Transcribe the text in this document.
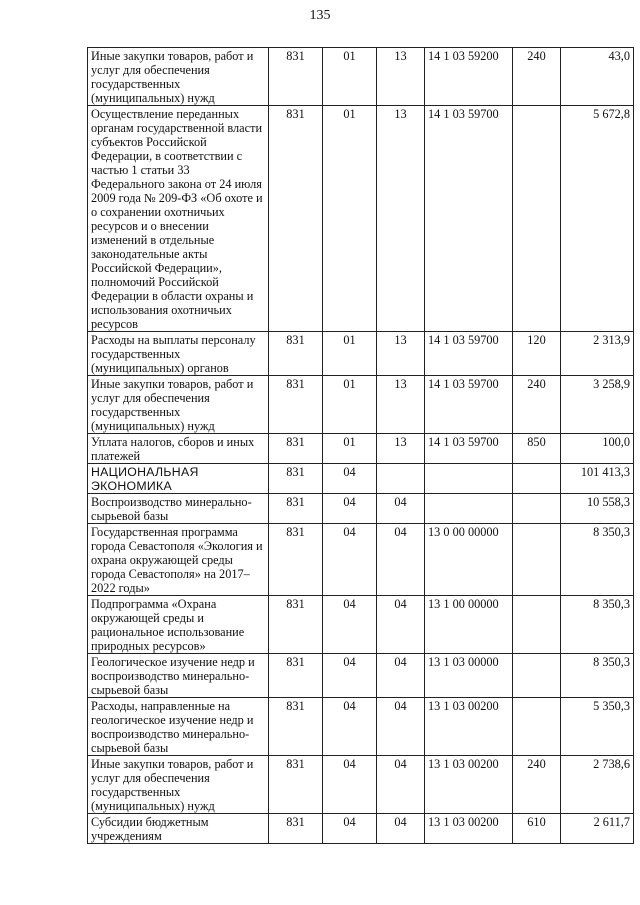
135
Иные закупки товаров, работ и услуг для обеспечения государственных (муниципальных) нужд	831	01	13	14 1 03 59200	240	43,0
Осуществление переданных органам государственной власти субъектов Российской Федерации, в соответствии с частью 1 статьи 33 Федерального закона от 24 июля 2009 года № 209-ФЗ «Об охоте и о сохранении охотничьих ресурсов и о внесении изменений в отдельные законодательные акты Российской Федерации», полномочий Российской Федерации в области охраны и использования охотничьих ресурсов	831	01	13	14 1 03 59700		5 672,8
Расходы на выплаты персоналу государственных (муниципальных) органов	831	01	13	14 1 03 59700	120	2 313,9
Иные закупки товаров, работ и услуг для обеспечения государственных (муниципальных) нужд	831	01	13	14 1 03 59700	240	3 258,9
Уплата налогов, сборов и иных платежей	831	01	13	14 1 03 59700	850	100,0
НАЦИОНАЛЬНАЯ ЭКОНОМИКА	831	04				101 413,3
Воспроизводство минерально-сырьевой базы	831	04	04			10 558,3
Государственная программа города Севастополя «Экология и охрана окружающей среды города Севастополя» на 2017–2022 годы»	831	04	04	13 0 00 00000		8 350,3
Подпрограмма «Охрана окружающей среды и рациональное использование природных ресурсов»	831	04	04	13 1 00 00000		8 350,3
Геологическое изучение недр и воспроизводство минерально-сырьевой базы	831	04	04	13 1 03 00000		8 350,3
Расходы, направленные на геологическое изучение недр и воспроизводство минерально-сырьевой базы	831	04	04	13 1 03 00200		5 350,3
Иные закупки товаров, работ и услуг для обеспечения государственных (муниципальных) нужд	831	04	04	13 1 03 00200	240	2 738,6
Субсидии бюджетным учреждениям	831	04	04	13 1 03 00200	610	2 611,7
